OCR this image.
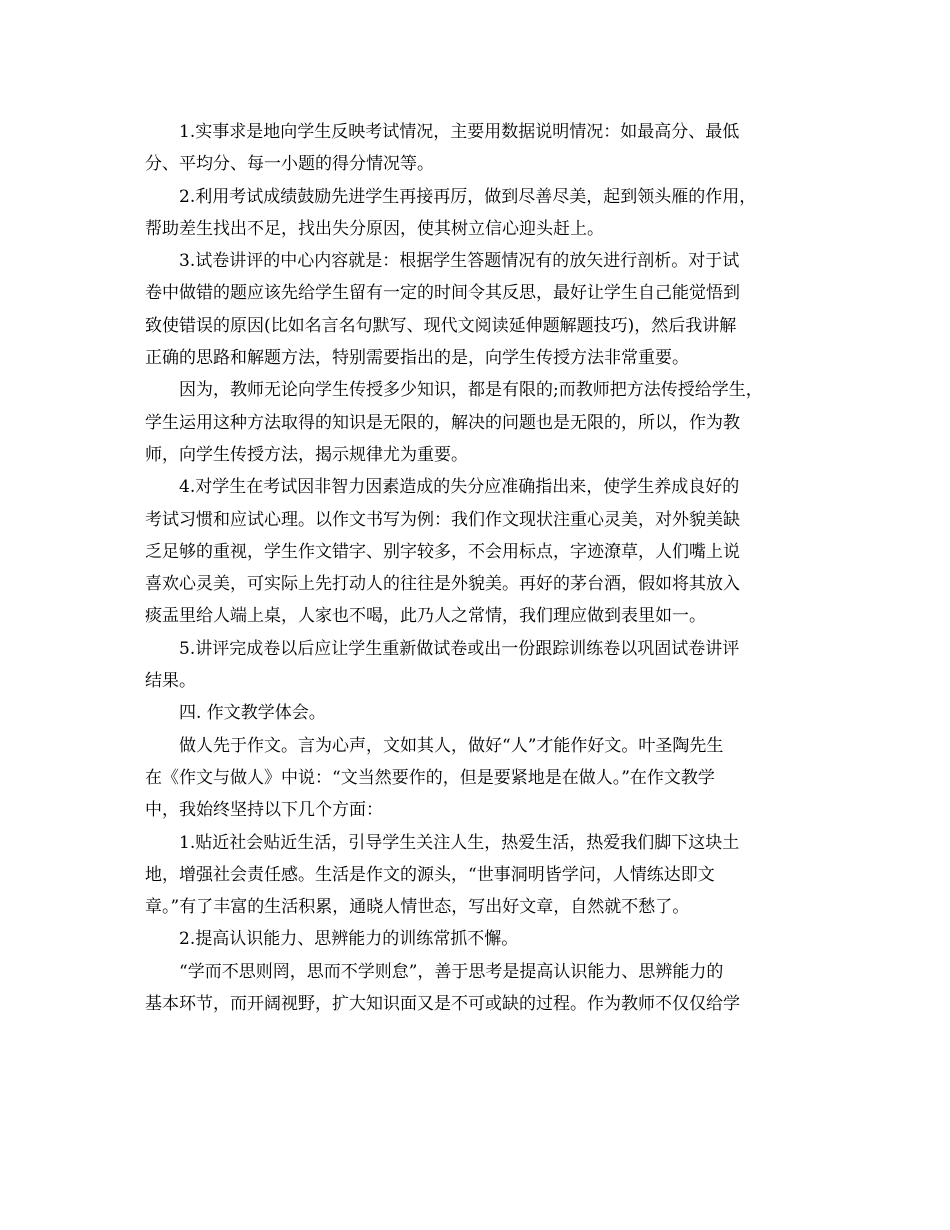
1.实事求是地向学生反映考试情况，主要用数据说明情况：如最高分、最低
分、平均分、每一小题的得分情况等。
2.利用考试成绩鼓励先进学生再接再厉，做到尽善尽美，起到领头雁的作用，
帮助差生找出不足，找出失分原因，使其树立信心迎头赶上。
3.试卷讲评的中心内容就是：根据学生答题情况有的放矢进行剖析。对于试
卷中做错的题应该先给学生留有一定的时间令其反思，最好让学生自己能觉悟到
致使错误的原因(比如名言名句默写、现代文阅读延伸题解题技巧)，然后我讲解
正确的思路和解题方法，特别需要指出的是，向学生传授方法非常重要。
因为，教师无论向学生传授多少知识，都是有限的;而教师把方法传授给学生，
学生运用这种方法取得的知识是无限的，解决的问题也是无限的，所以，作为教
师，向学生传授方法，揭示规律尤为重要。
4.对学生在考试因非智力因素造成的失分应准确指出来，使学生养成良好的
考试习惯和应试心理。以作文书写为例：我们作文现状注重心灵美，对外貌美缺
乏足够的重视，学生作文错字、别字较多，不会用标点，字迹潦草，人们嘴上说
喜欢心灵美，可实际上先打动人的往往是外貌美。再好的茅台酒，假如将其放入
痰盂里给人端上桌，人家也不喝，此乃人之常情，我们理应做到表里如一。
5.讲评完成卷以后应让学生重新做试卷或出一份跟踪训练卷以巩固试卷讲评
结果。
四. 作文教学体会。
做人先于作文。言为心声，文如其人，做好“人”才能作好文。叶圣陶先生
在《作文与做人》中说：“文当然要作的，但是要紧地是在做人。”在作文教学
中，我始终坚持以下几个方面：
1.贴近社会贴近生活，引导学生关注人生，热爱生活，热爱我们脚下这块土
地，增强社会责任感。生活是作文的源头，“世事洞明皆学问，人情练达即文
章。”有了丰富的生活积累，通晓人情世态，写出好文章，自然就不愁了。
2.提高认识能力、思辨能力的训练常抓不懈。
“学而不思则罔，思而不学则怠”，善于思考是提高认识能力、思辨能力的
基本环节，而开阔视野，扩大知识面又是不可或缺的过程。作为教师不仅仅给学
